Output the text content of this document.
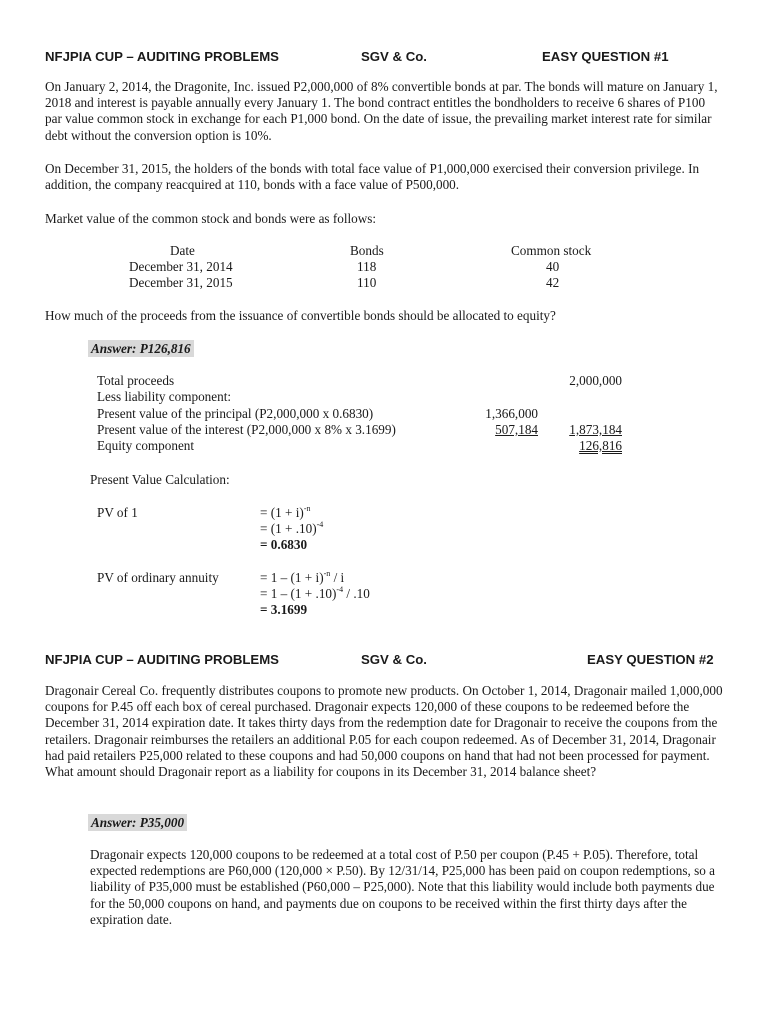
NFJPIA CUP – AUDITING PROBLEMS	SGV & Co.	EASY QUESTION #1

On January 2, 2014, the Dragonite, Inc. issued P2,000,000 of 8% convertible bonds at par. The bonds will mature on January 1, 2018 and interest is payable annually every January 1. The bond contract entitles the bondholders to receive 6 shares of P100 par value common stock in exchange for each P1,000 bond. On the date of issue, the prevailing market interest rate for similar debt without the conversion option is 10%.

On December 31, 2015, the holders of the bonds with total face value of P1,000,000 exercised their conversion privilege. In addition, the company reacquired at 110, bonds with a face value of P500,000.

Market value of the common stock and bonds were as follows:

Date	Bonds	Common stock
December 31, 2014	118	40
December 31, 2015	110	42

How much of the proceeds from the issuance of convertible bonds should be allocated to equity?

Answer: P126,816
Total proceeds	2,000,000
Less liability component:
Present value of the principal (P2,000,000 x 0.6830)	1,366,000
Present value of the interest (P2,000,000 x 8% x 3.1699)	507,184 1,873,184
Equity component	126,816
Present Value Calculation:
PV of 1	= $(1 + i)^{-n}$
= $(1 + .10)^{-4}$
= 0.6830
PV of ordinary annuity	= $1 - (1 + i)^{-n} / i$
= $1 - (1 + .10)^{-4} / .10$
= 3.1699
NFJPIA CUP – AUDITING PROBLEMS	SGV & Co.	EASY QUESTION #2

Dragonair Cereal Co. frequently distributes coupons to promote new products. On October 1, 2014, Dragonair mailed 1,000,000 coupons for P.45 off each box of cereal purchased. Dragonair expects 120,000 of these coupons to be redeemed before the December 31, 2014 expiration date. It takes thirty days from the redemption date for Dragonair to receive the coupons from the retailers. Dragonair reimburses the retailers an additional P.05 for each coupon redeemed. As of December 31, 2014, Dragonair had paid retailers P25,000 related to these coupons and had 50,000 coupons on hand that had not been processed for payment. What amount should Dragonair report as a liability for coupons in its December 31, 2014 balance sheet?

Answer: P35,000

Dragonair expects 120,000 coupons to be redeemed at a total cost of P.50 per coupon (P.45 + P.05). Therefore, total expected redemptions are P60,000 (120,000 × P.50). By 12/31/14, P25,000 has been paid on coupon redemptions, so a liability of P35,000 must be established (P60,000 – P25,000). Note that this liability would include both payments due for the 50,000 coupons on hand, and payments due on coupons to be received within the first thirty days after the expiration date.
